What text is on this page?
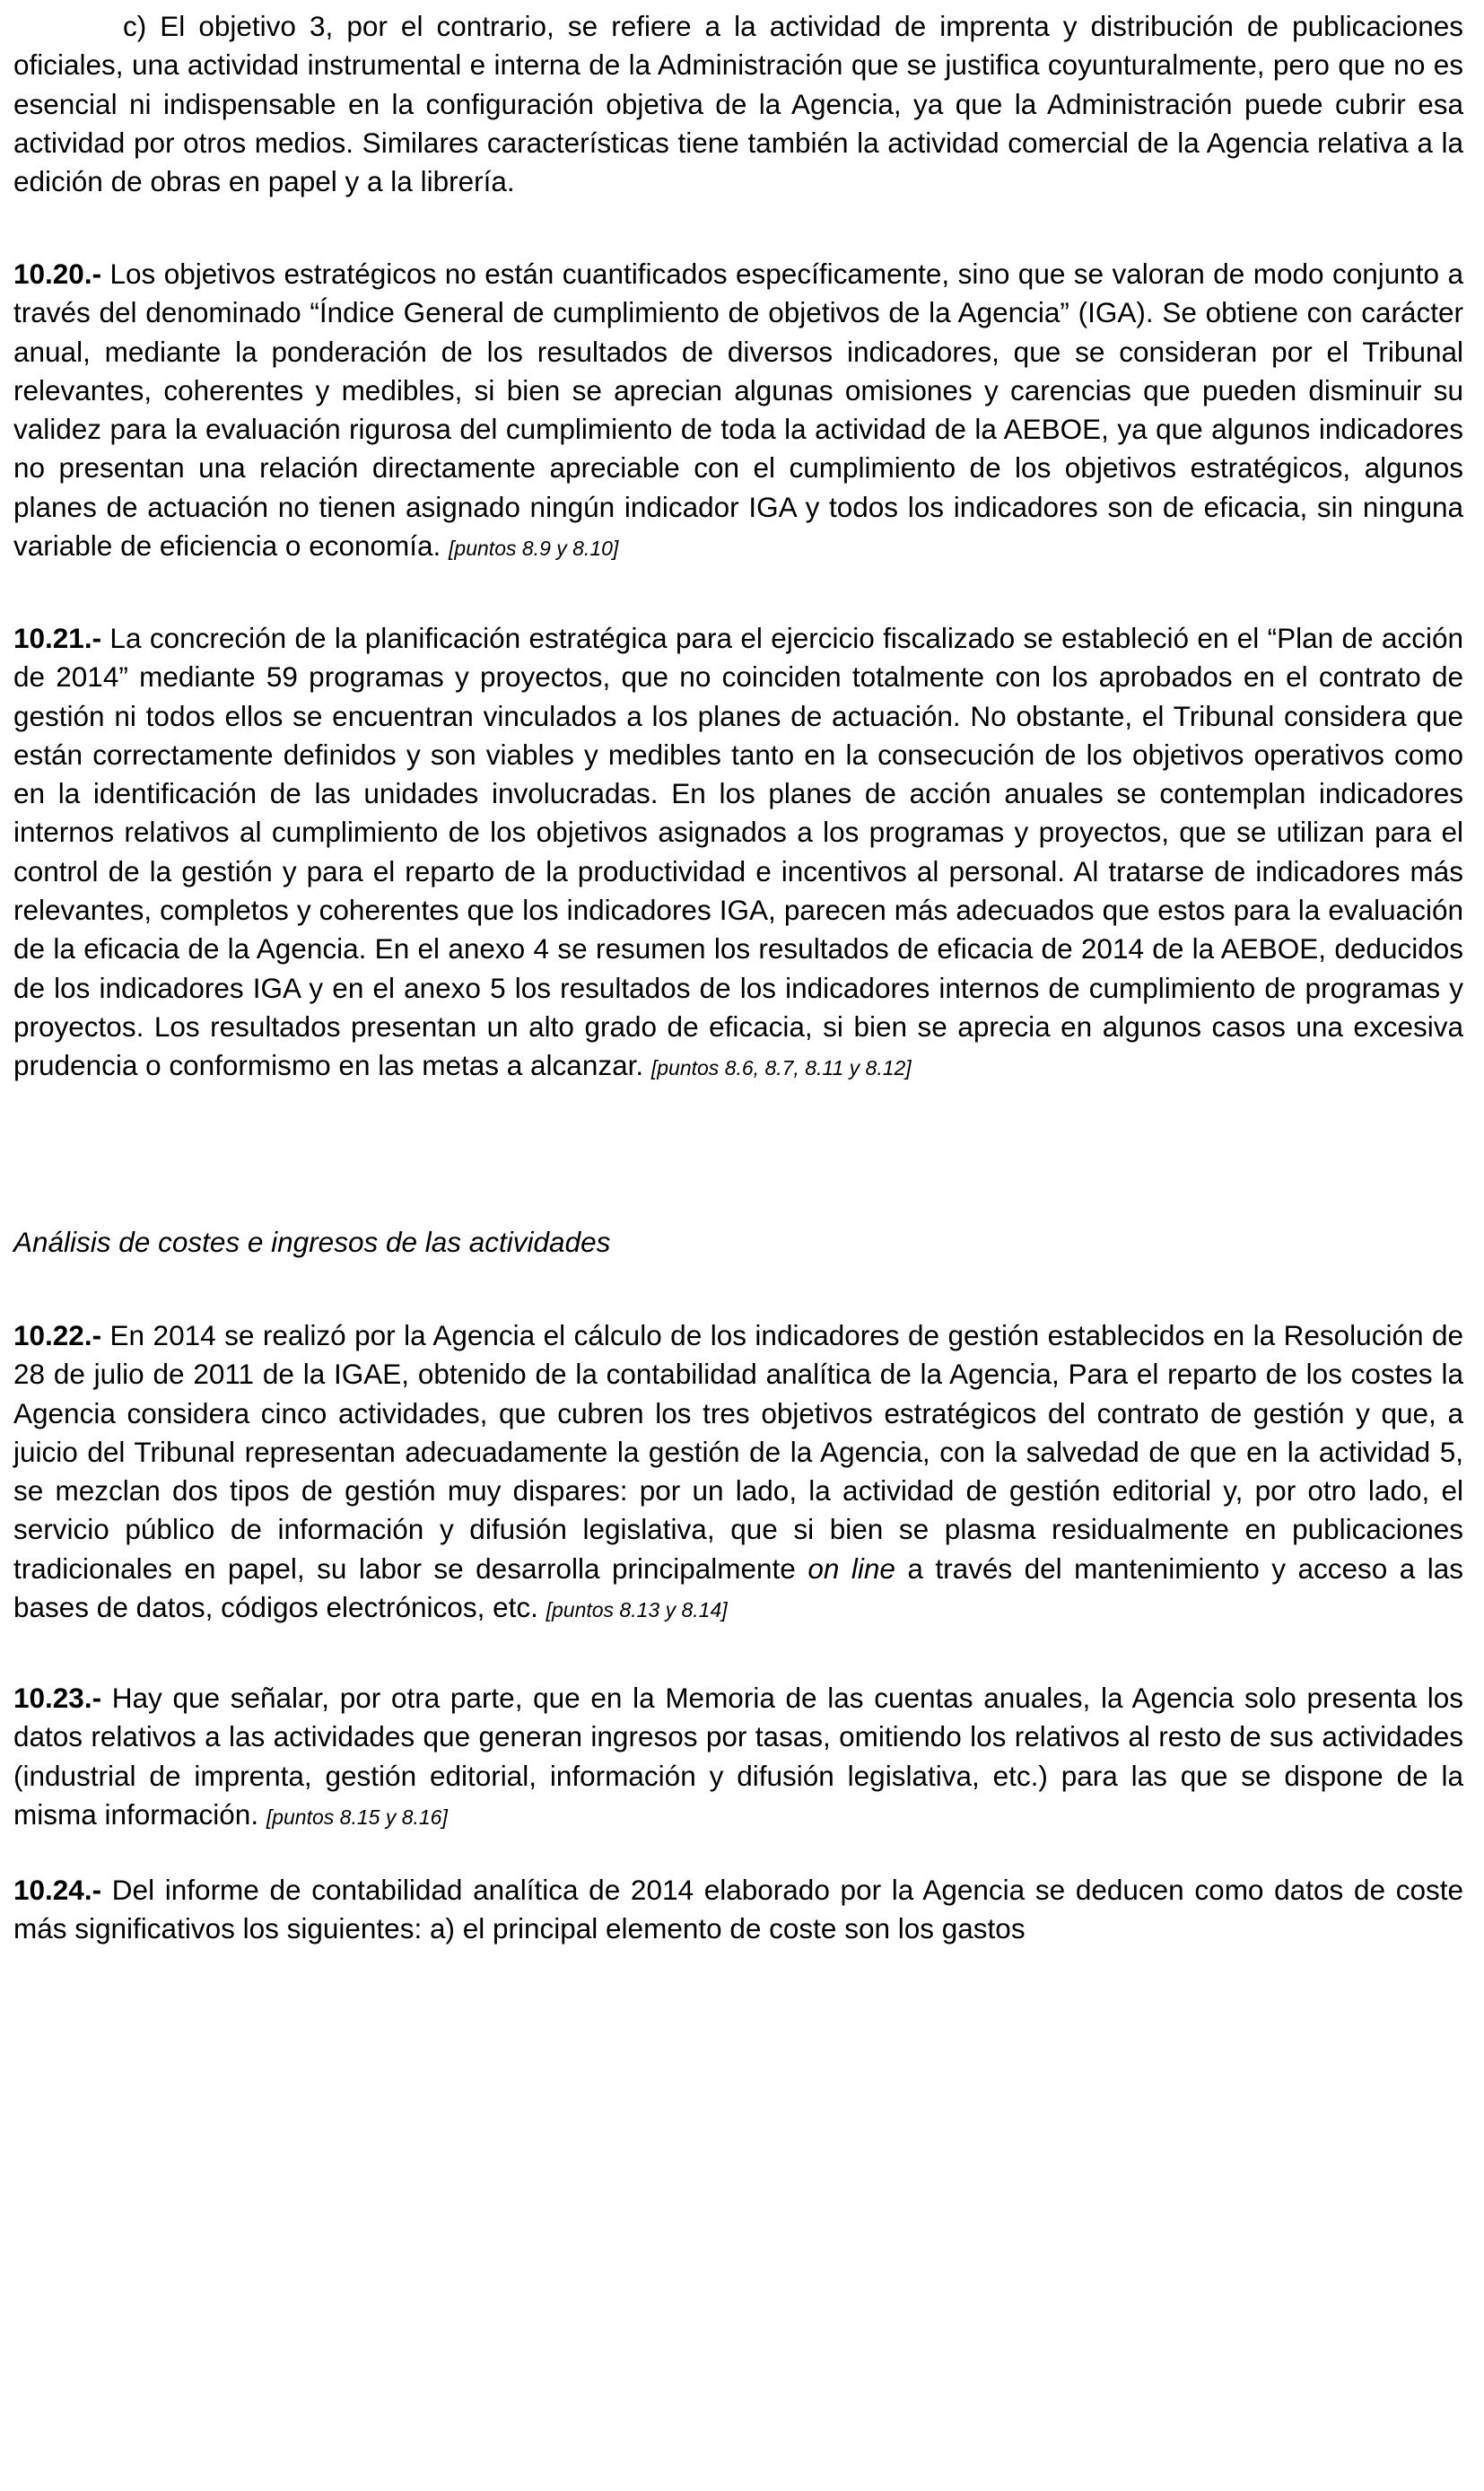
c) El objetivo 3, por el contrario, se refiere a la actividad de imprenta y distribución de publicaciones oficiales, una actividad instrumental e interna de la Administración que se justifica coyunturalmente, pero que no es esencial ni indispensable en la configuración objetiva de la Agencia, ya que la Administración puede cubrir esa actividad por otros medios. Similares características tiene también la actividad comercial de la Agencia relativa a la edición de obras en papel y a la librería.

10.20.- Los objetivos estratégicos no están cuantificados específicamente, sino que se valoran de modo conjunto a través del denominado “Índice General de cumplimiento de objetivos de la Agencia” (IGA). Se obtiene con carácter anual, mediante la ponderación de los resultados de diversos indicadores, que se consideran por el Tribunal relevantes, coherentes y medibles, si bien se aprecian algunas omisiones y carencias que pueden disminuir su validez para la evaluación rigurosa del cumplimiento de toda la actividad de la AEBOE, ya que algunos indicadores no presentan una relación directamente apreciable con el cumplimiento de los objetivos estratégicos, algunos planes de actuación no tienen asignado ningún indicador IGA y todos los indicadores son de eficacia, sin ninguna variable de eficiencia o economía. [puntos 8.9 y 8.10]

10.21.- La concreción de la planificación estratégica para el ejercicio fiscalizado se estableció en el “Plan de acción de 2014” mediante 59 programas y proyectos, que no coinciden totalmente con los aprobados en el contrato de gestión ni todos ellos se encuentran vinculados a los planes de actuación. No obstante, el Tribunal considera que están correctamente definidos y son viables y medibles tanto en la consecución de los objetivos operativos como en la identificación de las unidades involucradas. En los planes de acción anuales se contemplan indicadores internos relativos al cumplimiento de los objetivos asignados a los programas y proyectos, que se utilizan para el control de la gestión y para el reparto de la productividad e incentivos al personal. Al tratarse de indicadores más relevantes, completos y coherentes que los indicadores IGA, parecen más adecuados que estos para la evaluación de la eficacia de la Agencia. En el anexo 4 se resumen los resultados de eficacia de 2014 de la AEBOE, deducidos de los indicadores IGA y en el anexo 5 los resultados de los indicadores internos de cumplimiento de programas y proyectos. Los resultados presentan un alto grado de eficacia, si bien se aprecia en algunos casos una excesiva prudencia o conformismo en las metas a alcanzar. [puntos 8.6, 8.7, 8.11 y 8.12]

Análisis de costes e ingresos de las actividades

10.22.- En 2014 se realizó por la Agencia el cálculo de los indicadores de gestión establecidos en la Resolución de 28 de julio de 2011 de la IGAE, obtenido de la contabilidad analítica de la Agencia, Para el reparto de los costes la Agencia considera cinco actividades, que cubren los tres objetivos estratégicos del contrato de gestión y que, a juicio del Tribunal representan adecuadamente la gestión de la Agencia, con la salvedad de que en la actividad 5, se mezclan dos tipos de gestión muy dispares: por un lado, la actividad de gestión editorial y, por otro lado, el servicio público de información y difusión legislativa, que si bien se plasma residualmente en publicaciones tradicionales en papel, su labor se desarrolla principalmente on line a través del mantenimiento y acceso a las bases de datos, códigos electrónicos, etc. [puntos 8.13 y 8.14]

10.23.- Hay que señalar, por otra parte, que en la Memoria de las cuentas anuales, la Agencia solo presenta los datos relativos a las actividades que generan ingresos por tasas, omitiendo los relativos al resto de sus actividades (industrial de imprenta, gestión editorial, información y difusión legislativa, etc.) para las que se dispone de la misma información. [puntos 8.15 y 8.16]

10.24.- Del informe de contabilidad analítica de 2014 elaborado por la Agencia se deducen como datos de coste más significativos los siguientes: a) el principal elemento de coste son los gastos
